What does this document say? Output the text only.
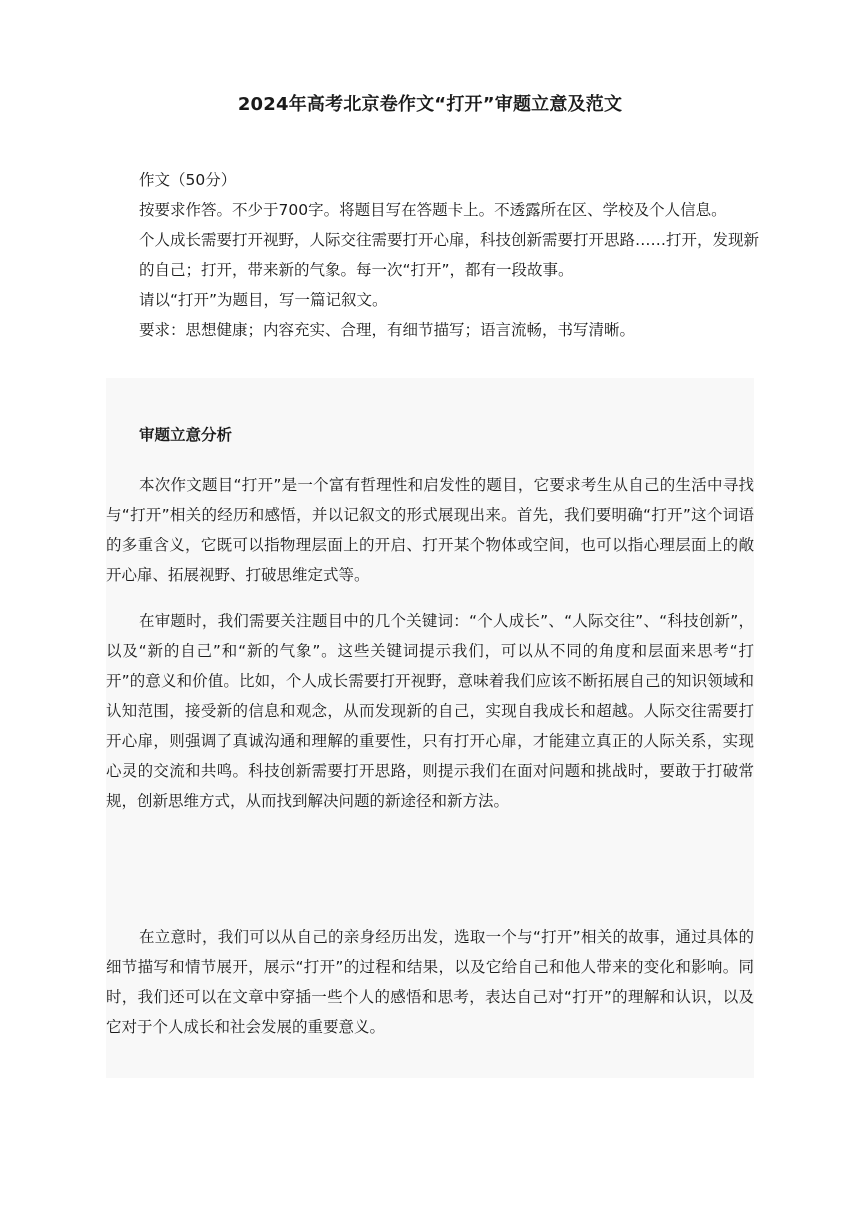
2024年高考北京卷作文“打开”审题立意及范文

作文（50分）

按要求作答。不少于700字。将题目写在答题卡上。不透露所在区、学校及个人信息。

个人成长需要打开视野，人际交往需要打开心扉，科技创新需要打开思路……打开，发现新的自己；打开，带来新的气象。每一次“打开”，都有一段故事。

请以“打开”为题目，写一篇记叙文。

要求：思想健康；内容充实、合理，有细节描写；语言流畅，书写清晰。

审题立意分析

本次作文题目“打开”是一个富有哲理性和启发性的题目，它要求考生从自己的生活中寻找与“打开”相关的经历和感悟，并以记叙文的形式展现出来。首先，我们要明确“打开”这个词语的多重含义，它既可以指物理层面上的开启、打开某个物体或空间，也可以指心理层面上的敞开心扉、拓展视野、打破思维定式等。

在审题时，我们需要关注题目中的几个关键词：“个人成长”、“人际交往”、“科技创新”，以及“新的自己”和“新的气象”。这些关键词提示我们，可以从不同的角度和层面来思考“打开”的意义和价值。比如，个人成长需要打开视野，意味着我们应该不断拓展自己的知识领域和认知范围，接受新的信息和观念，从而发现新的自己，实现自我成长和超越。人际交往需要打开心扉，则强调了真诚沟通和理解的重要性，只有打开心扉，才能建立真正的人际关系，实现心灵的交流和共鸣。科技创新需要打开思路，则提示我们在面对问题和挑战时，要敢于打破常规，创新思维方式，从而找到解决问题的新途径和新方法。

在立意时，我们可以从自己的亲身经历出发，选取一个与“打开”相关的故事，通过具体的细节描写和情节展开，展示“打开”的过程和结果，以及它给自己和他人带来的变化和影响。同时，我们还可以在文章中穿插一些个人的感悟和思考，表达自己对“打开”的理解和认识，以及它对于个人成长和社会发展的重要意义。
